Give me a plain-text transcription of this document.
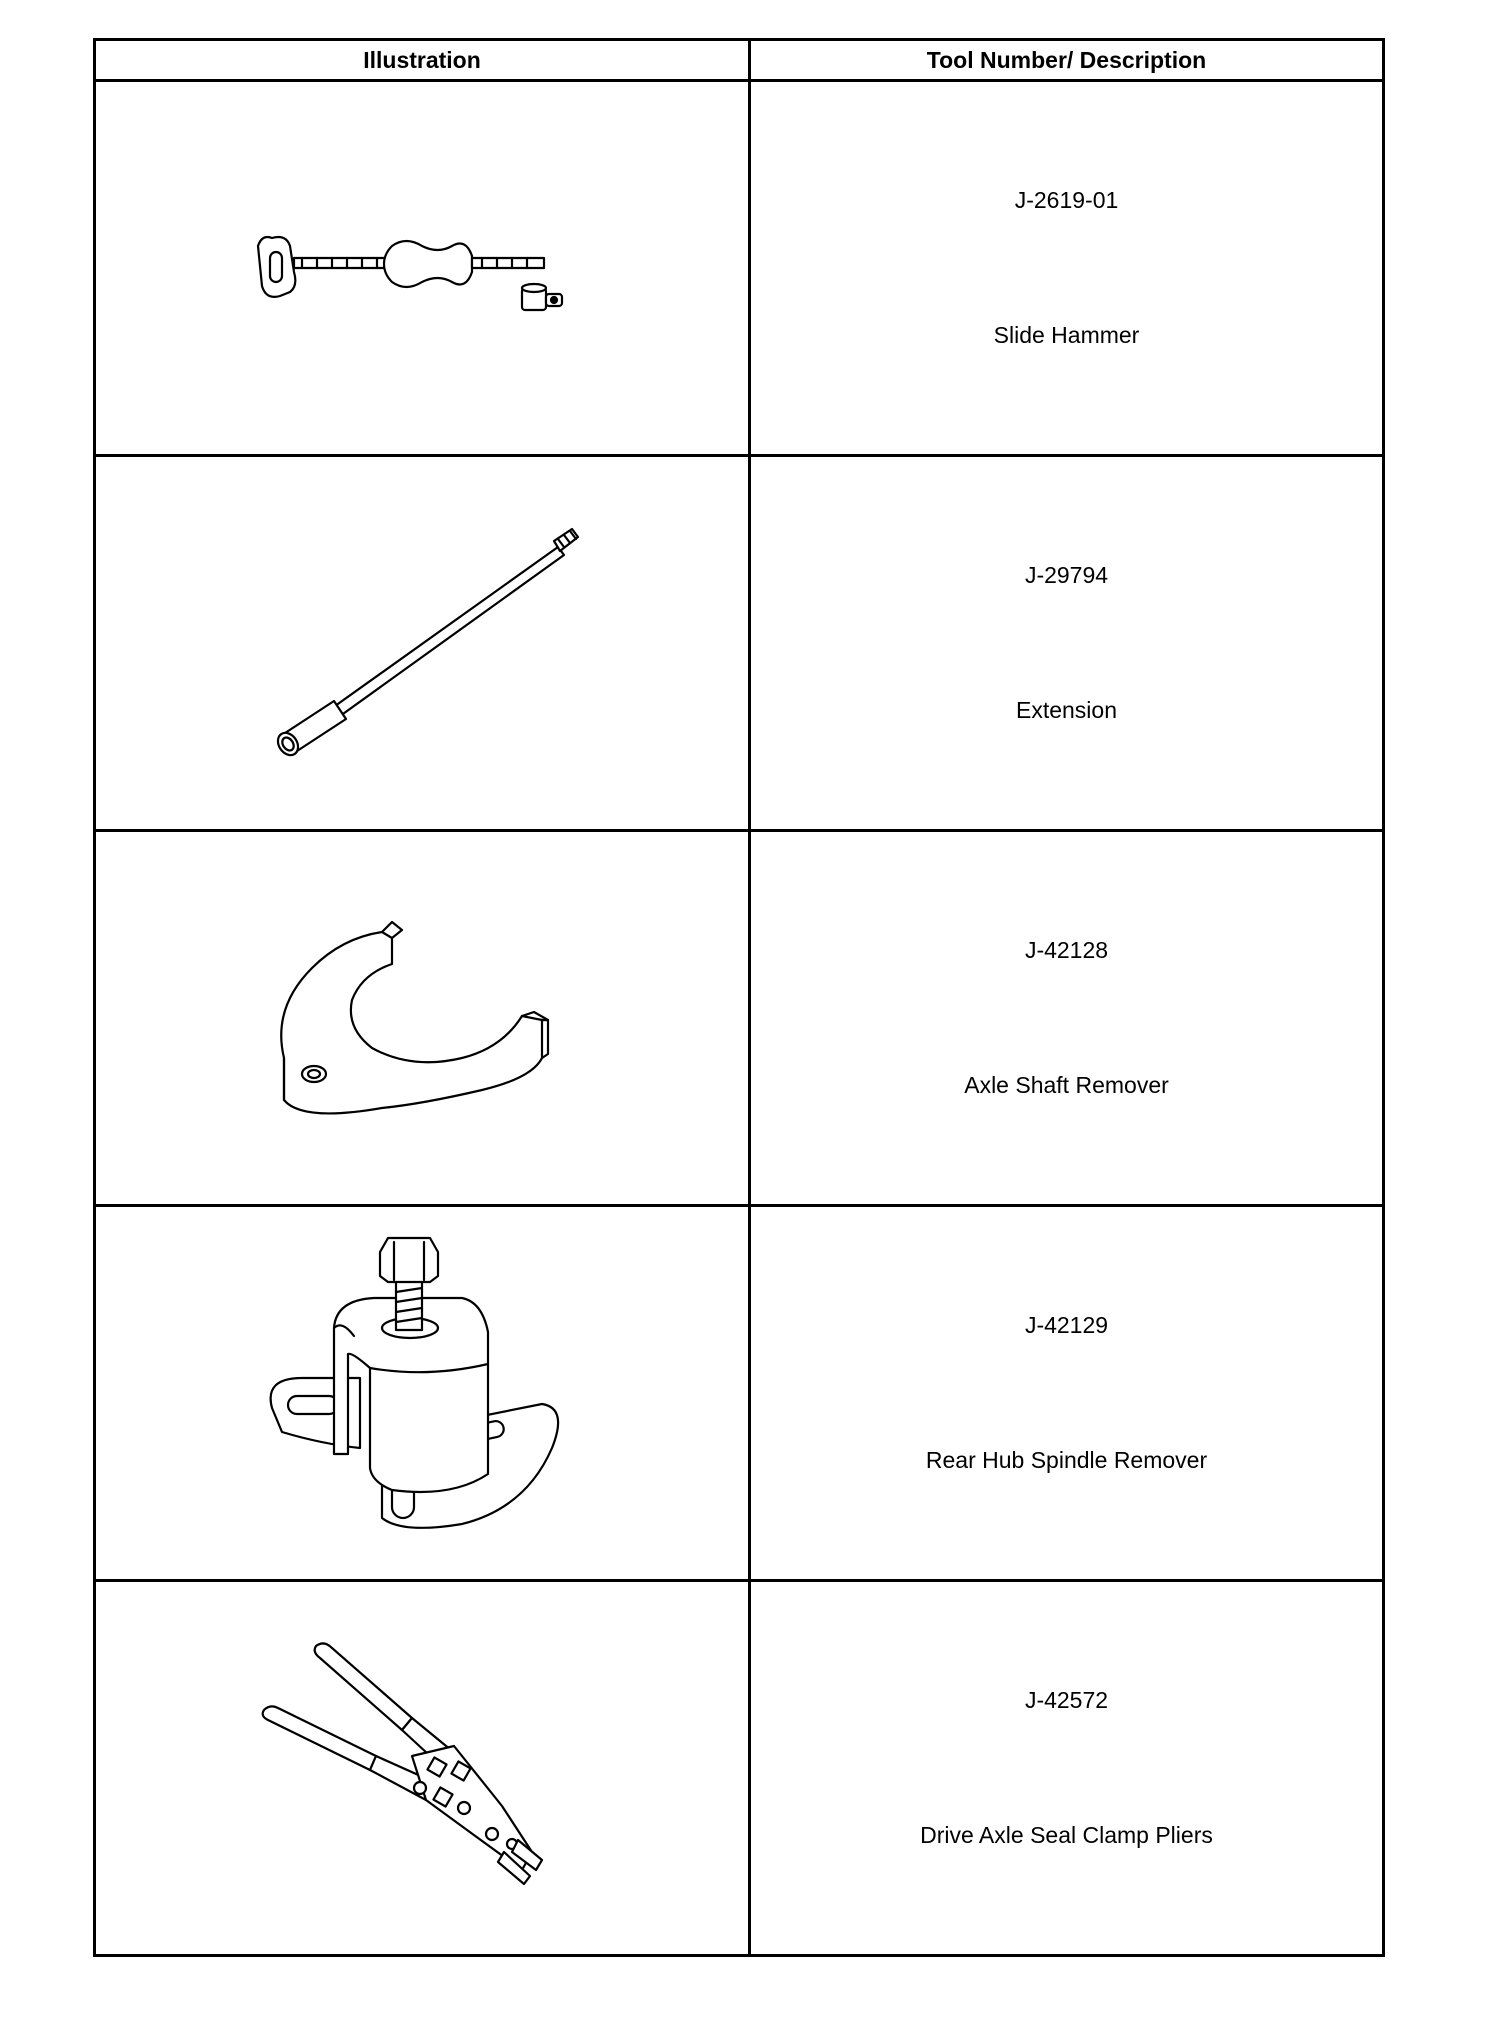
Illustration	Tool Number/ Description

J-2619-01
Slide Hammer

J-29794
Extension

J-42128
Axle Shaft Remover

J-42129
Rear Hub Spindle Remover

J-42572
Drive Axle Seal Clamp Pliers
